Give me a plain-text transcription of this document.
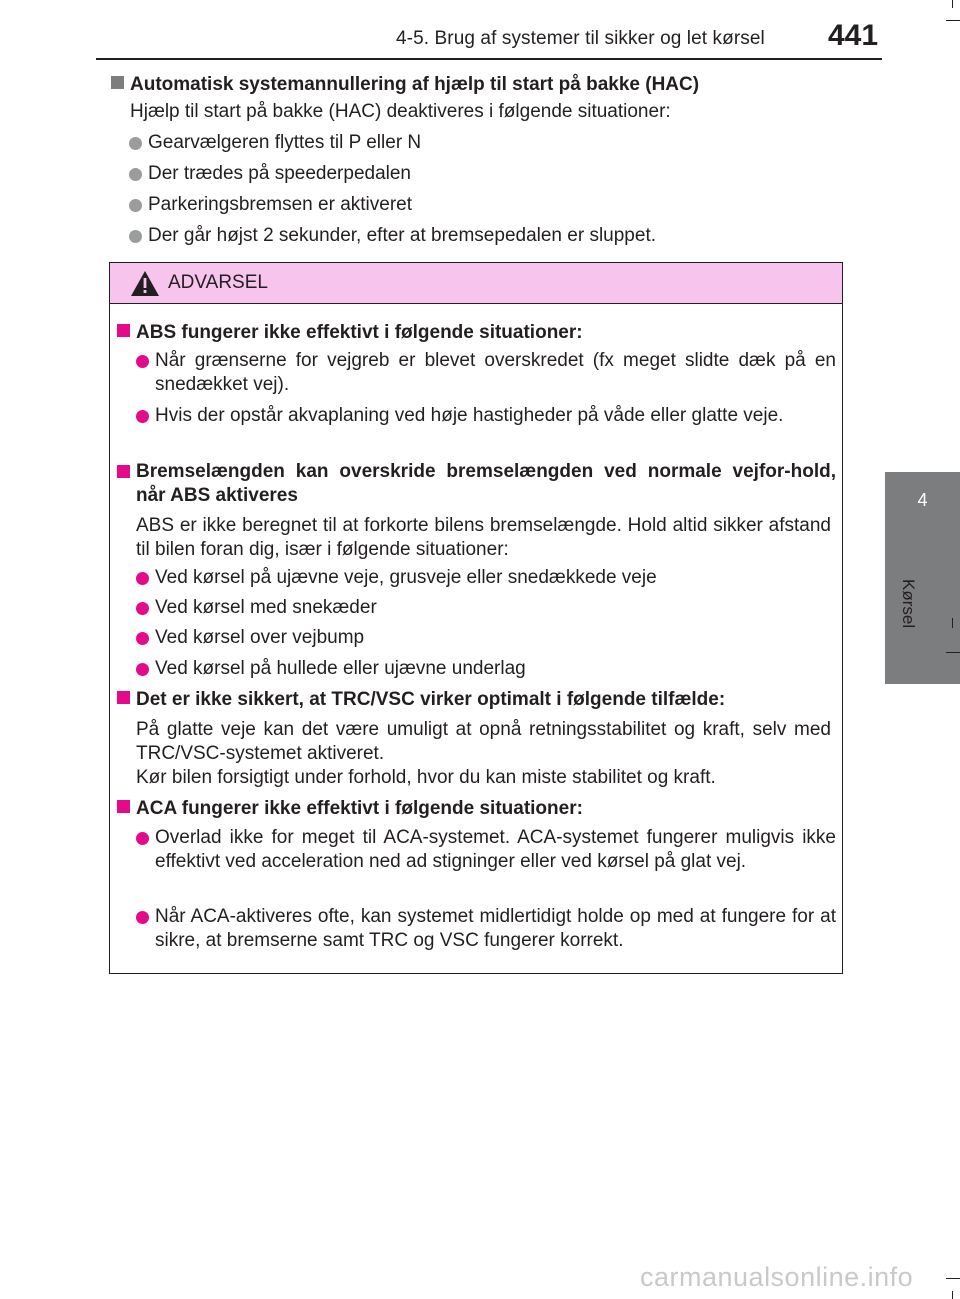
4-5. Brug af systemer til sikker og let kørsel 441
4
Kørsel
Automatisk systemannullering af hjælp til start på bakke (HAC)
Hjælp til start på bakke (HAC) deaktiveres i følgende situationer:
Gearvælgeren flyttes til P eller N
Der trædes på speederpedalen
Parkeringsbremsen er aktiveret
Der går højst 2 sekunder, efter at bremsepedalen er sluppet.
ADVARSEL
ABS fungerer ikke effektivt i følgende situationer:
Når grænserne for vejgreb er blevet overskredet (fx meget slidte dæk på en snedækket vej).
Hvis der opstår akvaplaning ved høje hastigheder på våde eller glatte veje.
Bremselængden kan overskride bremselængden ved normale vejfor-hold, når ABS aktiveres
ABS er ikke beregnet til at forkorte bilens bremselængde. Hold altid sikker afstand til bilen foran dig, især i følgende situationer:
Ved kørsel på ujævne veje, grusveje eller snedækkede veje
Ved kørsel med snekæder
Ved kørsel over vejbump
Ved kørsel på hullede eller ujævne underlag
Det er ikke sikkert, at TRC/VSC virker optimalt i følgende tilfælde:
På glatte veje kan det være umuligt at opnå retningsstabilitet og kraft, selv med TRC/VSC-systemet aktiveret.
Kør bilen forsigtigt under forhold, hvor du kan miste stabilitet og kraft.
ACA fungerer ikke effektivt i følgende situationer:
Overlad ikke for meget til ACA-systemet. ACA-systemet fungerer muligvis ikke effektivt ved acceleration ned ad stigninger eller ved kørsel på glat vej.
Når ACA-aktiveres ofte, kan systemet midlertidigt holde op med at fungere for at sikre, at bremserne samt TRC og VSC fungerer korrekt.
carmanualsonline.info
